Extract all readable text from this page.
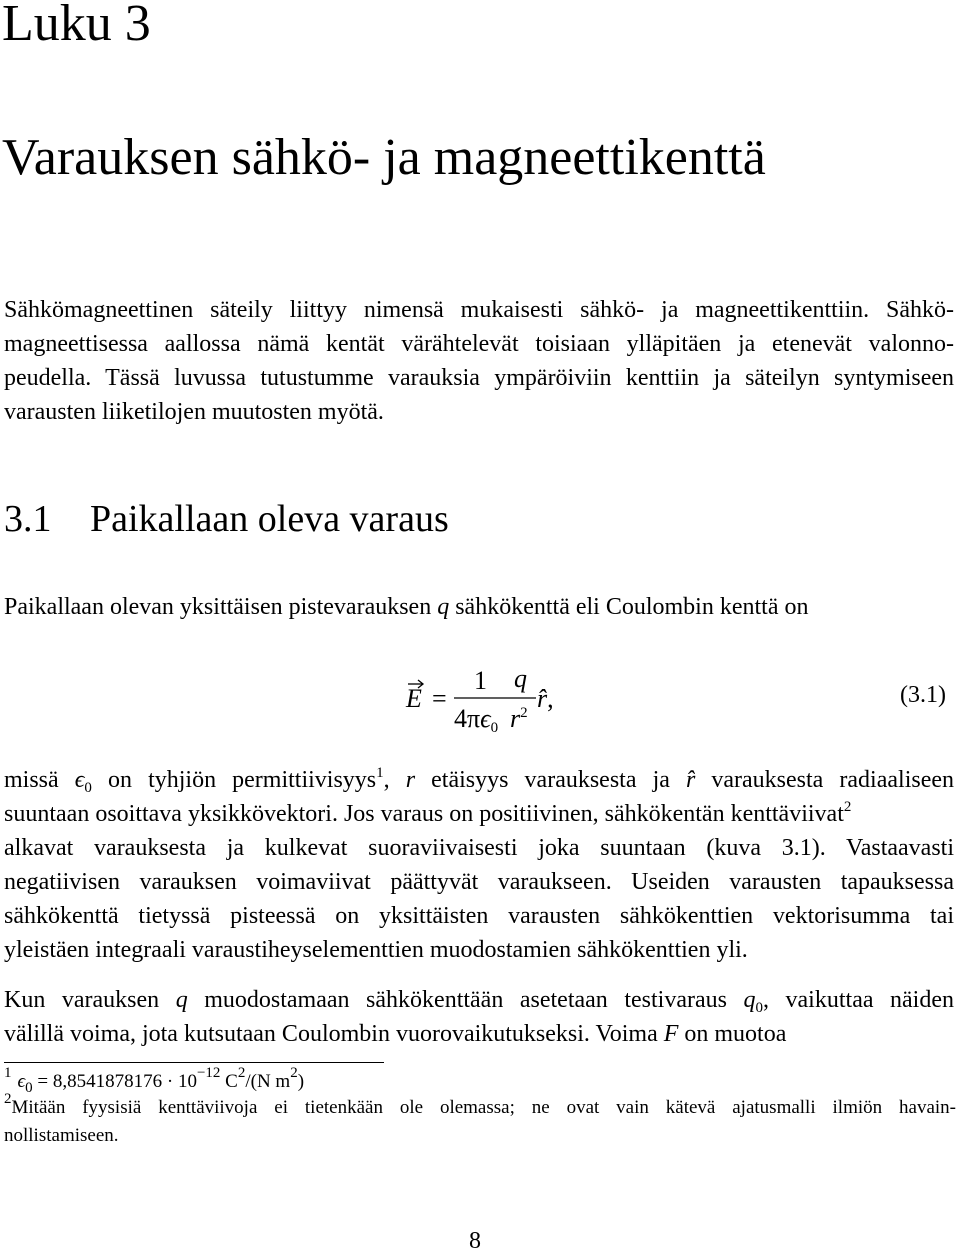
Luku 3
Varauksen sähkö- ja magneettikenttä
Sähkömagneettinen säteily liittyy nimensä mukaisesti sähkö- ja magneettikenttiin. Sähkö-
magneettisessa aallossa nämä kentät värähtelevät toisiaan ylläpitäen ja etenevät valonno-
peudella. Tässä luvussa tutustumme varauksia ympäröiviin kenttiin ja säteilyn syntymiseen
varausten liiketilojen muutosten myötä.
3.1 Paikallaan oleva varaus
Paikallaan olevan yksittäisen pistevarauksen q sähkökenttä eli Coulombin kenttä on
E =
1
$4\pi\epsilon_0$
q
$r^2$ r̂,	(3.1)
missä $\epsilon_0$ on tyhjiön permittiivisyys$^1$, r etäisyys varauksesta ja r̂ varauksesta radiaaliseen
suuntaan osoittava yksikkövektori. Jos varaus on positiivinen, sähkökentän kenttäviivat$^2$
alkavat varauksesta ja kulkevat suoraviivaisesti joka suuntaan (kuva 3.1). Vastaavasti
negatiivisen varauksen voimaviivat päättyvät varaukseen. Useiden varausten tapauksessa
sähkökenttä tietyssä pisteessä on yksittäisten varausten sähkökenttien vektorisumma tai
yleistäen integraali varaustiheyselementtien muodostamien sähkökenttien yli.
Kun varauksen q muodostamaan sähkökenttään asetetaan testivaraus $q_0$, vaikuttaa näiden
välillä voima, jota kutsutaan Coulombin vuorovaikutukseksi. Voima F on muotoa
$^1$ $\epsilon_0 = 8,8541878176 \cdot 10^{-12}$ $C^2/(N$ $m^2$)
$^2$Mitään fyysisiä kenttäviivoja ei tietenkään ole olemassa; ne ovat vain kätevä ajatusmalli ilmiön havain-
nollistamiseen.
8
